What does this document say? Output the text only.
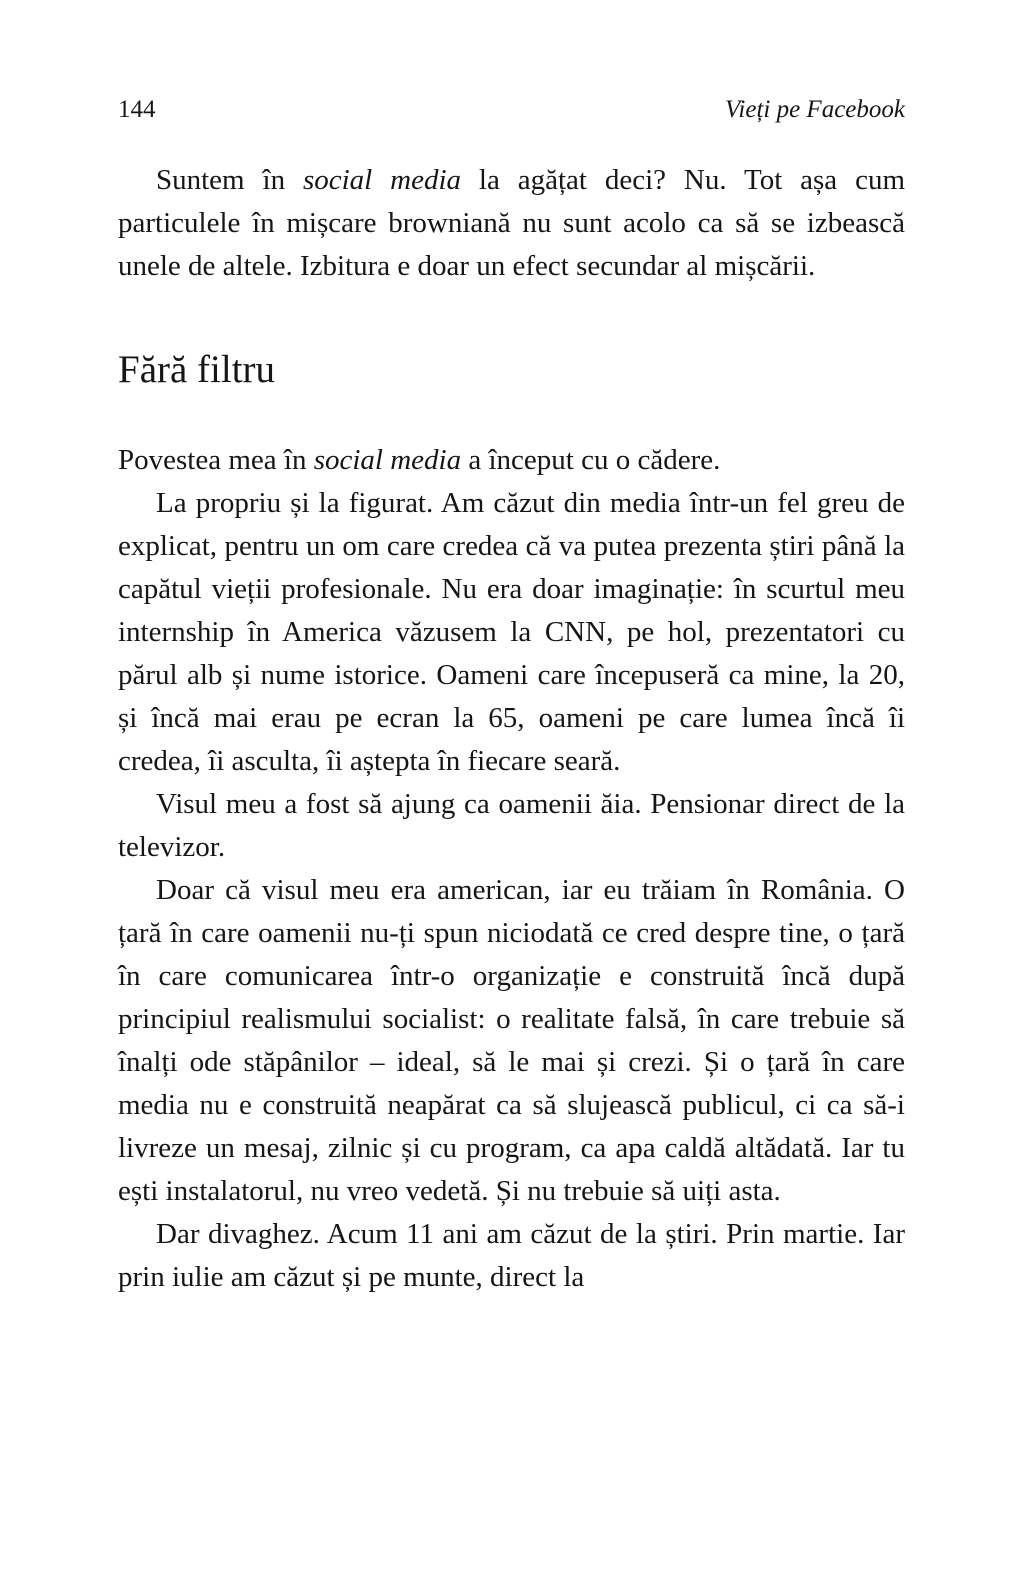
144	Vieți pe Facebook

Suntem în social media la agățat deci? Nu. Tot așa cum particulele în mișcare browniană nu sunt acolo ca să se izbească unele de altele. Izbitura e doar un efect secundar al mișcării.

Fără filtru

Povestea mea în social media a început cu o cădere.

La propriu și la figurat. Am căzut din media într-un fel greu de explicat, pentru un om care credea că va putea prezenta știri până la capătul vieții profesionale. Nu era doar imaginație: în scurtul meu internship în America văzusem la CNN, pe hol, prezentatori cu părul alb și nume istorice. Oameni care începuseră ca mine, la 20, și încă mai erau pe ecran la 65, oameni pe care lumea încă îi credea, îi asculta, îi aștepta în fiecare seară.

Visul meu a fost să ajung ca oamenii ăia. Pensionar direct de la televizor.

Doar că visul meu era american, iar eu trăiam în România. O țară în care oamenii nu-ți spun niciodată ce cred despre tine, o țară în care comunicarea într-o organizație e construită încă după principiul realismului socialist: o realitate falsă, în care trebuie să înalți ode stăpânilor – ideal, să le mai și crezi. Și o țară în care media nu e construită neapărat ca să slujească publicul, ci ca să-i livreze un mesaj, zilnic și cu program, ca apa caldă altădată. Iar tu ești instalatorul, nu vreo vedetă. Și nu trebuie să uiți asta.

Dar divaghez. Acum 11 ani am căzut de la știri. Prin martie. Iar prin iulie am căzut și pe munte, direct la
